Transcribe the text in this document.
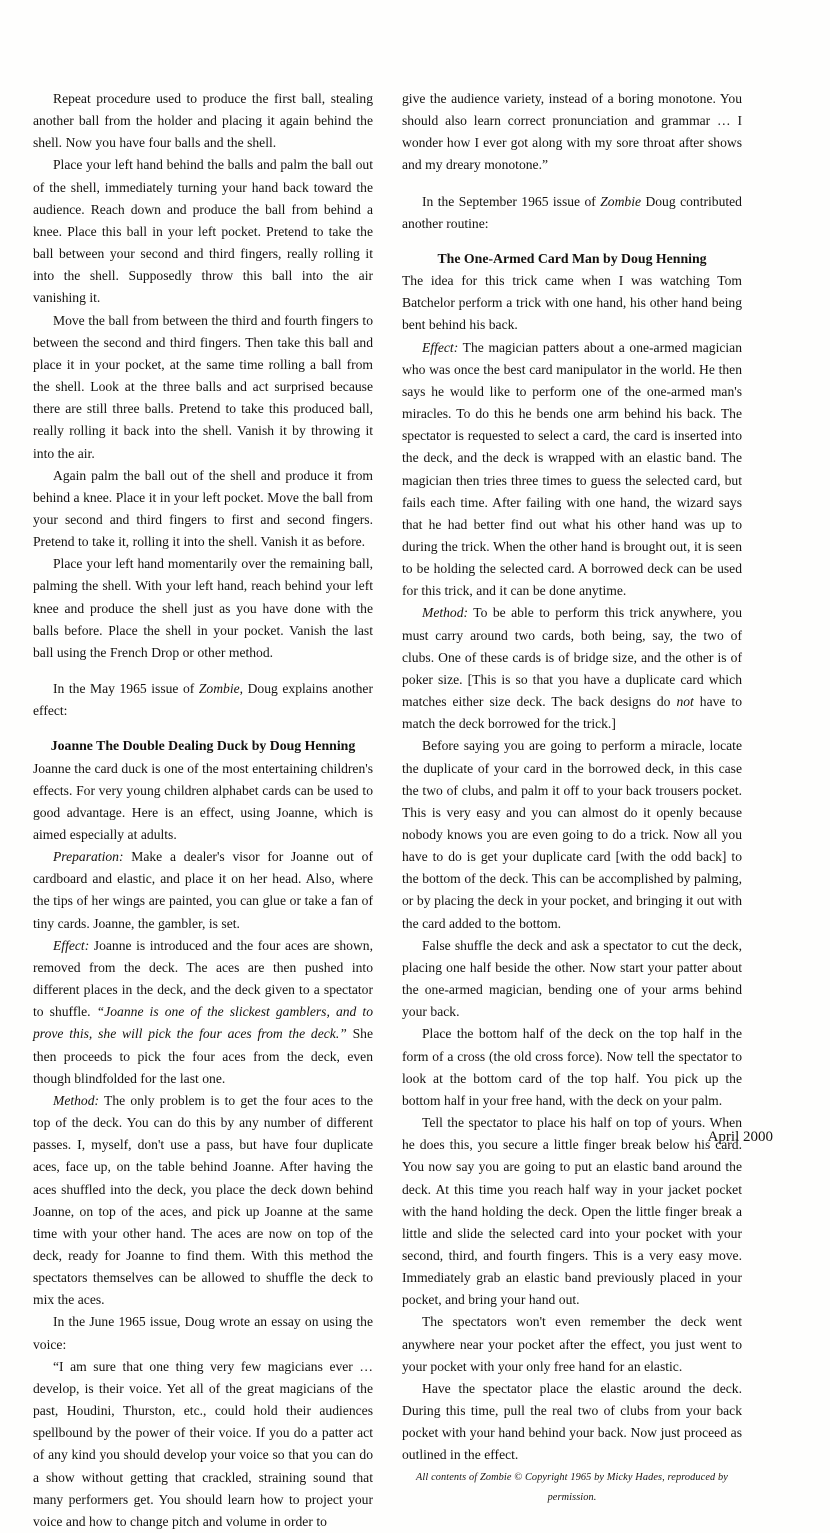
Repeat procedure used to produce the first ball, stealing another ball from the holder and placing it again behind the shell. Now you have four balls and the shell.

Place your left hand behind the balls and palm the ball out of the shell, immediately turning your hand back toward the audience. Reach down and produce the ball from behind a knee. Place this ball in your left pocket. Pretend to take the ball between your second and third fingers, really rolling it into the shell. Supposedly throw this ball into the air vanishing it.

Move the ball from between the third and fourth fingers to between the second and third fingers. Then take this ball and place it in your pocket, at the same time rolling a ball from the shell. Look at the three balls and act surprised because there are still three balls. Pretend to take this produced ball, really rolling it back into the shell. Vanish it by throwing it into the air.

Again palm the ball out of the shell and produce it from behind a knee. Place it in your left pocket. Move the ball from your second and third fingers to first and second fingers. Pretend to take it, rolling it into the shell. Vanish it as before.

Place your left hand momentarily over the remaining ball, palming the shell. With your left hand, reach behind your left knee and produce the shell just as you have done with the balls before. Place the shell in your pocket. Vanish the last ball using the French Drop or other method.

In the May 1965 issue of Zombie, Doug explains another effect:

Joanne The Double Dealing Duck by Doug Henning

Joanne the card duck is one of the most entertaining children's effects. For very young children alphabet cards can be used to good advantage. Here is an effect, using Joanne, which is aimed especially at adults.

Preparation: Make a dealer's visor for Joanne out of cardboard and elastic, and place it on her head. Also, where the tips of her wings are painted, you can glue or take a fan of tiny cards. Joanne, the gambler, is set.

Effect: Joanne is introduced and the four aces are shown, removed from the deck. The aces are then pushed into different places in the deck, and the deck given to a spectator to shuffle. “Joanne is one of the slickest gamblers, and to prove this, she will pick the four aces from the deck.” She then proceeds to pick the four aces from the deck, even though blindfolded for the last one.

Method: The only problem is to get the four aces to the top of the deck. You can do this by any number of different passes. I, myself, don't use a pass, but have four duplicate aces, face up, on the table behind Joanne. After having the aces shuffled into the deck, you place the deck down behind Joanne, on top of the aces, and pick up Joanne at the same time with your other hand. The aces are now on top of the deck, ready for Joanne to find them. With this method the spectators themselves can be allowed to shuffle the deck to mix the aces.

In the June 1965 issue, Doug wrote an essay on using the voice:

“I am sure that one thing very few magicians ever … develop, is their voice. Yet all of the great magicians of the past, Houdini, Thurston, etc., could hold their audiences spellbound by the power of their voice. If you do a patter act of any kind you should develop your voice so that you can do a show without getting that crackled, straining sound that many performers get. You should learn how to project your voice and how to change pitch and volume in order to

give the audience variety, instead of a boring monotone. You should also learn correct pronunciation and grammar … I wonder how I ever got along with my sore throat after shows and my dreary monotone.”

In the September 1965 issue of Zombie Doug contributed another routine:

The One-Armed Card Man by Doug Henning

The idea for this trick came when I was watching Tom Batchelor perform a trick with one hand, his other hand being bent behind his back.

Effect: The magician patters about a one-armed magician who was once the best card manipulator in the world. He then says he would like to perform one of the one-armed man's miracles. To do this he bends one arm behind his back. The spectator is requested to select a card, the card is inserted into the deck, and the deck is wrapped with an elastic band. The magician then tries three times to guess the selected card, but fails each time. After failing with one hand, the wizard says that he had better find out what his other hand was up to during the trick. When the other hand is brought out, it is seen to be holding the selected card. A borrowed deck can be used for this trick, and it can be done anytime.

Method: To be able to perform this trick anywhere, you must carry around two cards, both being, say, the two of clubs. One of these cards is of bridge size, and the other is of poker size. [This is so that you have a duplicate card which matches either size deck. The back designs do not have to match the deck borrowed for the trick.]

Before saying you are going to perform a miracle, locate the duplicate of your card in the borrowed deck, in this case the two of clubs, and palm it off to your back trousers pocket. This is very easy and you can almost do it openly because nobody knows you are even going to do a trick. Now all you have to do is get your duplicate card [with the odd back] to the bottom of the deck. This can be accomplished by palming, or by placing the deck in your pocket, and bringing it out with the card added to the bottom.

False shuffle the deck and ask a spectator to cut the deck, placing one half beside the other. Now start your patter about the one-armed magician, bending one of your arms behind your back.

Place the bottom half of the deck on the top half in the form of a cross (the old cross force). Now tell the spectator to look at the bottom card of the top half. You pick up the bottom half in your free hand, with the deck on your palm.

Tell the spectator to place his half on top of yours. When he does this, you secure a little finger break below his card. You now say you are going to put an elastic band around the deck. At this time you reach half way in your jacket pocket with the hand holding the deck. Open the little finger break a little and slide the selected card into your pocket with your second, third, and fourth fingers. This is a very easy move. Immediately grab an elastic band previously placed in your pocket, and bring your hand out.

The spectators won't even remember the deck went anywhere near your pocket after the effect, you just went to your pocket with your only free hand for an elastic.

Have the spectator place the elastic around the deck. During this time, pull the real two of clubs from your back pocket with your hand behind your back. Now just proceed as outlined in the effect.

All contents of Zombie © Copyright 1965 by Micky Hades, reproduced by permission.

April 2000
